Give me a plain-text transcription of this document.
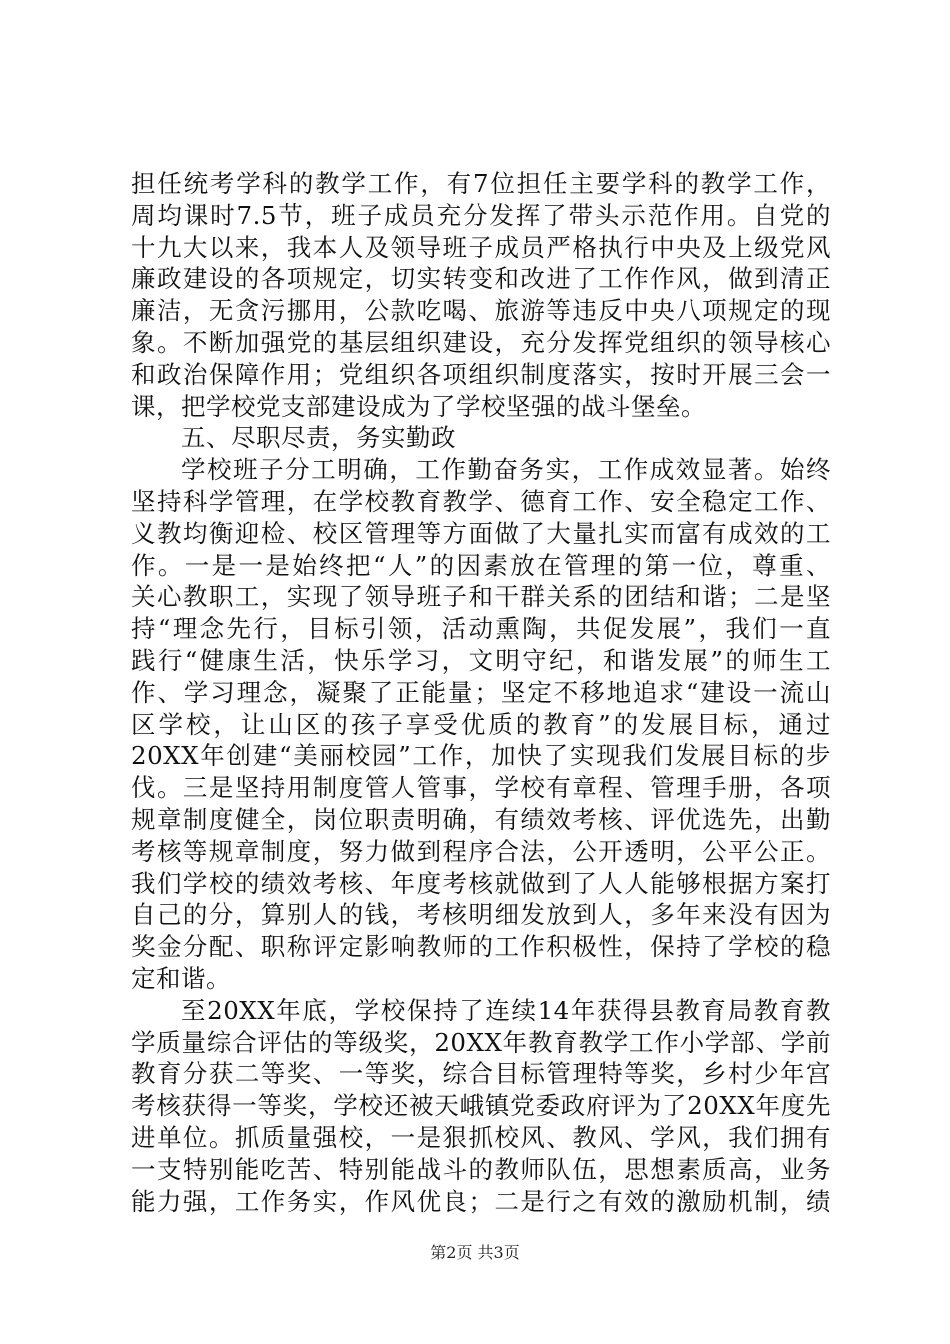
担任统考学科的教学工作，有7位担任主要学科的教学工作，
周均课时7.5节，班子成员充分发挥了带头示范作用。自党的
十九大以来，我本人及领导班子成员严格执行中央及上级党风
廉政建设的各项规定，切实转变和改进了工作作风，做到清正
廉洁，无贪污挪用，公款吃喝、旅游等违反中央八项规定的现
象。不断加强党的基层组织建设，充分发挥党组织的领导核心
和政治保障作用；党组织各项组织制度落实，按时开展三会一
课，把学校党支部建设成为了学校坚强的战斗堡垒。
五、尽职尽责，务实勤政
学校班子分工明确，工作勤奋务实，工作成效显著。始终
坚持科学管理，在学校教育教学、德育工作、安全稳定工作、
义教均衡迎检、校区管理等方面做了大量扎实而富有成效的工
作。一是一是始终把“人”的因素放在管理的第一位，尊重、
关心教职工，实现了领导班子和干群关系的团结和谐；二是坚
持“理念先行，目标引领，活动熏陶，共促发展”，我们一直
践行“健康生活，快乐学习，文明守纪，和谐发展”的师生工
作、学习理念，凝聚了正能量；坚定不移地追求“建设一流山
区学校，让山区的孩子享受优质的教育”的发展目标，通过
20XX年创建“美丽校园”工作，加快了实现我们发展目标的步
伐。三是坚持用制度管人管事，学校有章程、管理手册，各项
规章制度健全，岗位职责明确，有绩效考核、评优选先，出勤
考核等规章制度，努力做到程序合法，公开透明，公平公正。
我们学校的绩效考核、年度考核就做到了人人能够根据方案打
自己的分，算别人的钱，考核明细发放到人，多年来没有因为
奖金分配、职称评定影响教师的工作积极性，保持了学校的稳
定和谐。
至20XX年底，学校保持了连续14年获得县教育局教育教
学质量综合评估的等级奖，20XX年教育教学工作小学部、学前
教育分获二等奖、一等奖，综合目标管理特等奖，乡村少年宫
考核获得一等奖，学校还被天峨镇党委政府评为了20XX年度先
进单位。抓质量强校，一是狠抓校风、教风、学风，我们拥有
一支特别能吃苦、特别能战斗的教师队伍，思想素质高，业务
能力强，工作务实，作风优良；二是行之有效的激励机制，绩
第2页 共3页
